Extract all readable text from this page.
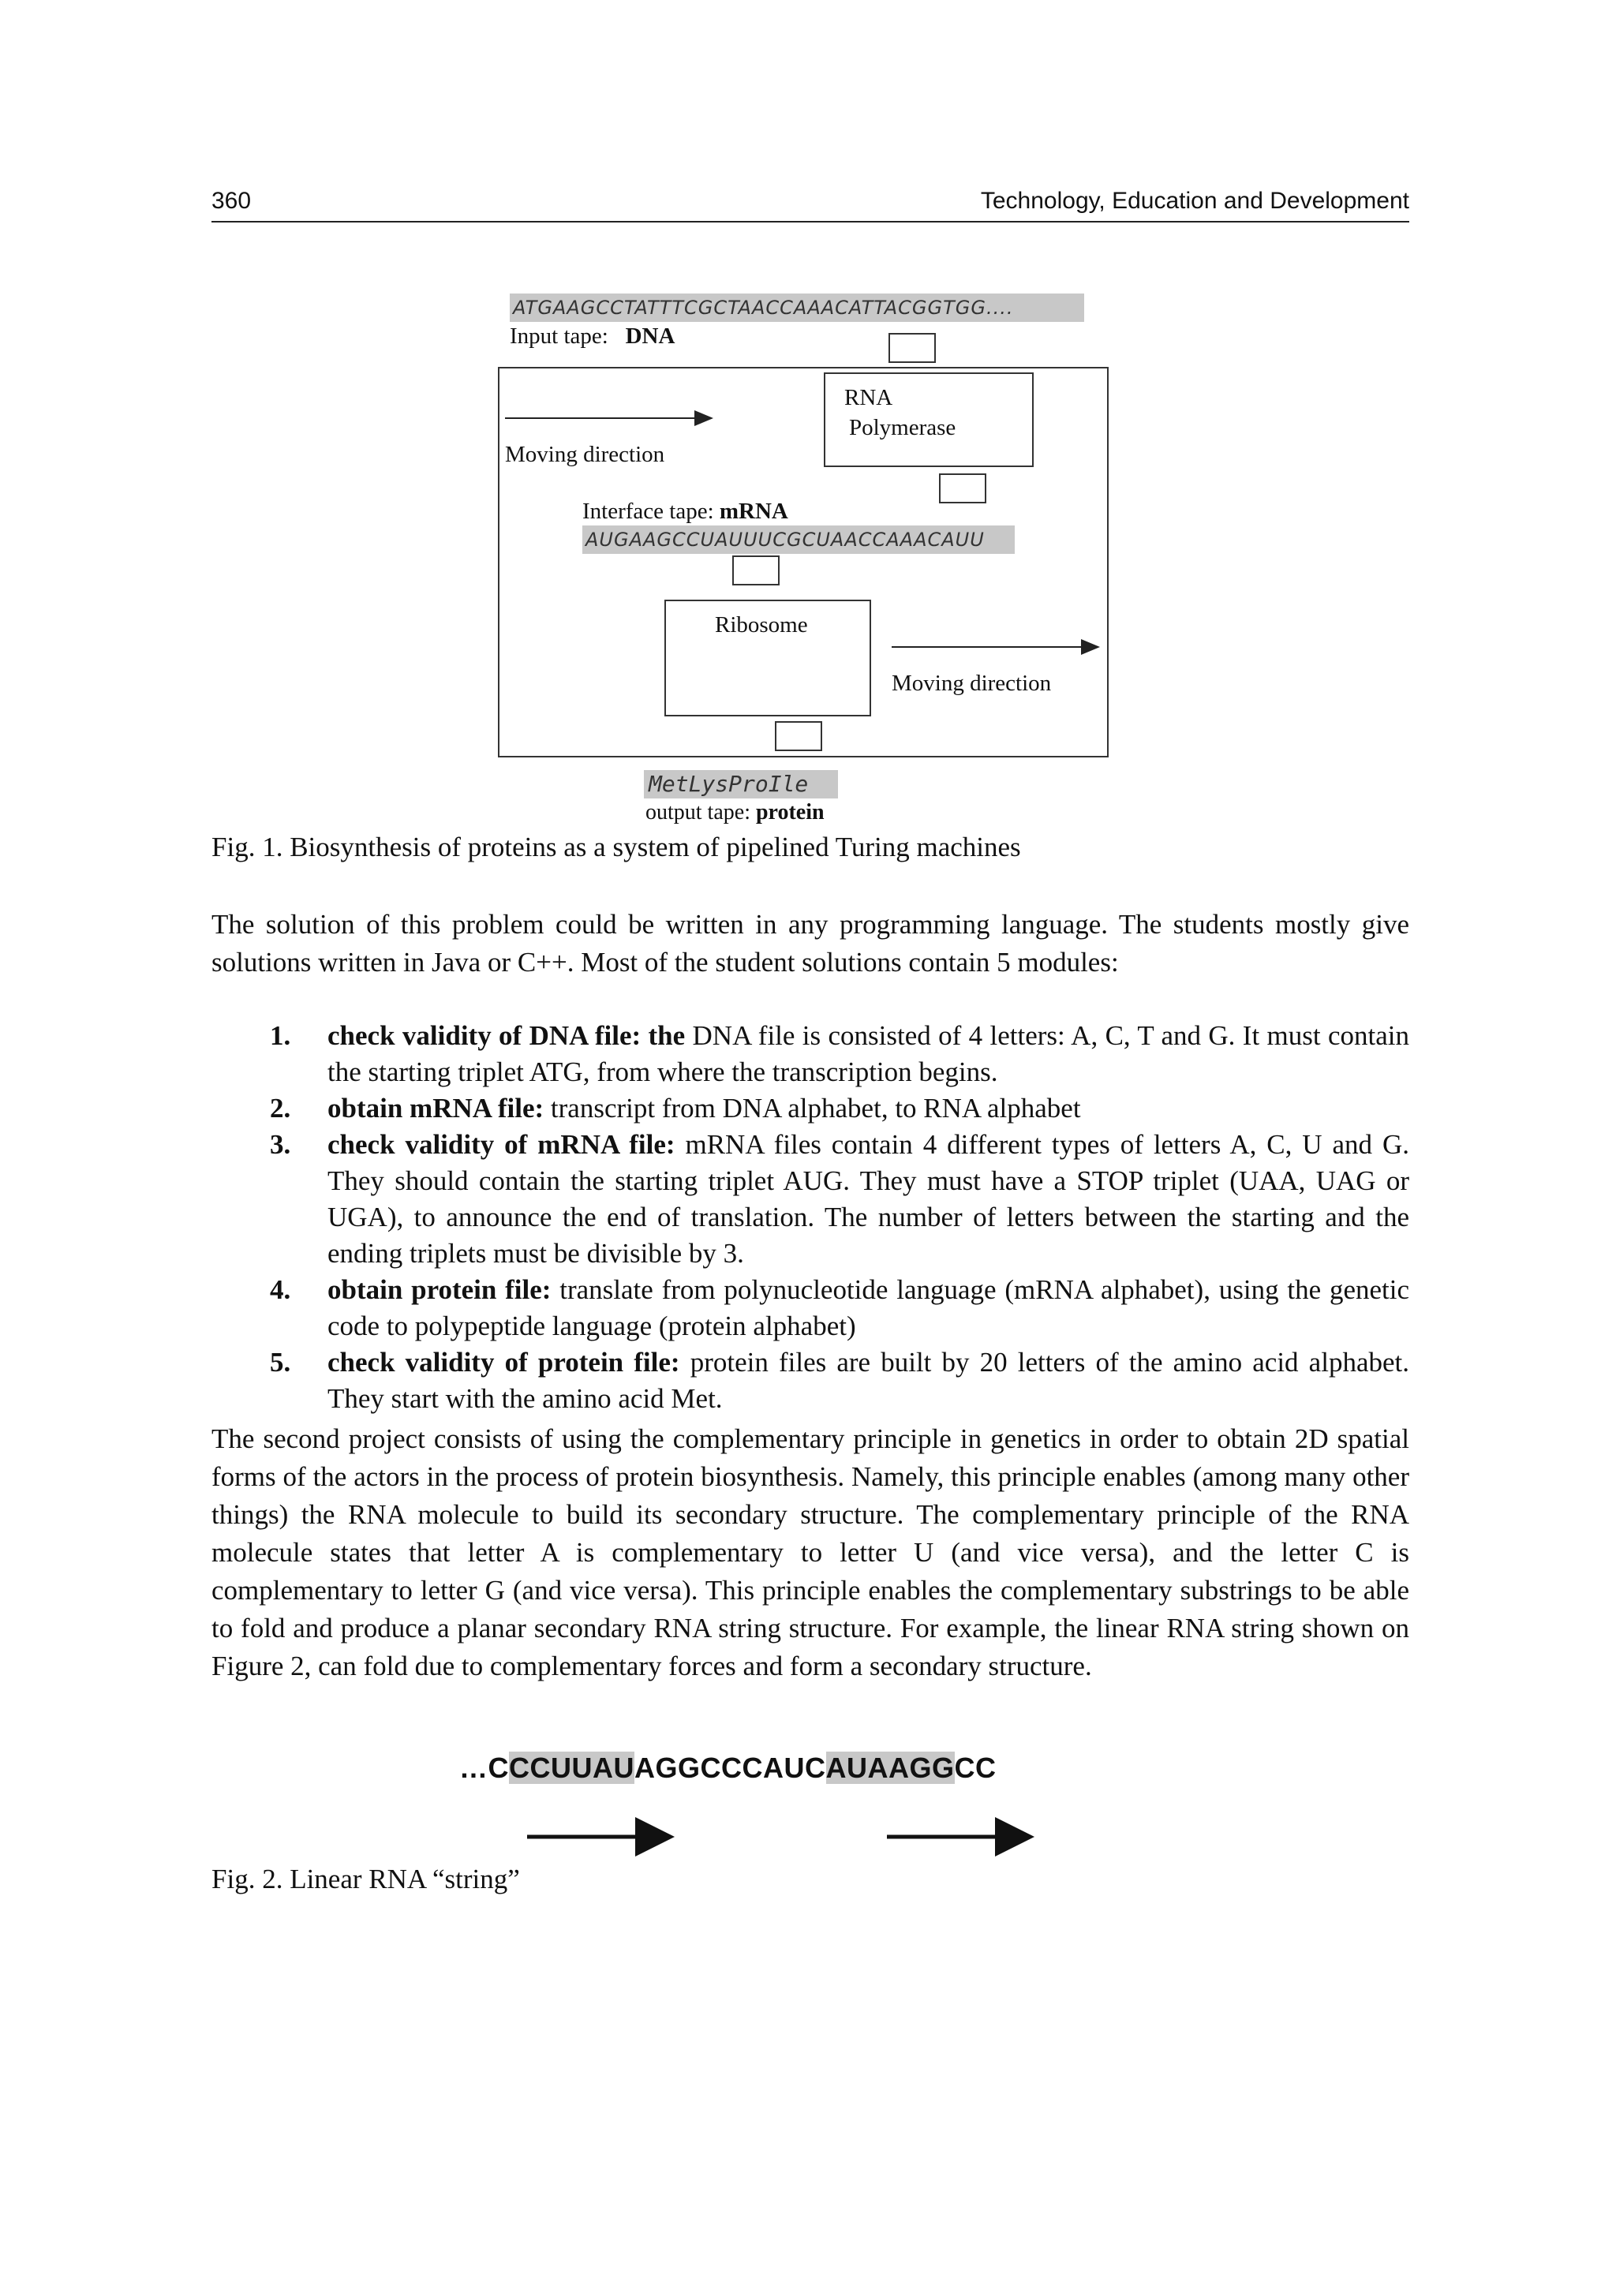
360	Technology, Education and Development
ATGAAGCCTATTTCGCTAACCAAACATTACGGTGG....
Input tape: DNA
RNA
Polymerase
Moving direction
Interface tape: mRNA
AUGAAGCCUAUUUCGCUAACCAAACAUU
Ribosome
Moving direction
MetLysProIle
output tape: protein
Fig. 1. Biosynthesis of proteins as a system of pipelined Turing machines
The solution of this problem could be written in any programming language. The students mostly give solutions written in Java or C++. Most of the student solutions contain 5 modules:
1. check validity of DNA file: the DNA file is consisted of 4 letters: A, C, T and G. It must contain the starting triplet ATG, from where the transcription begins.
2. obtain mRNA file: transcript from DNA alphabet, to RNA alphabet
3. check validity of mRNA file: mRNA files contain 4 different types of letters A, C, U and G. They should contain the starting triplet AUG. They must have a STOP triplet (UAA, UAG or UGA), to announce the end of translation. The number of letters between the starting and the ending triplets must be divisible by 3.
4. obtain protein file: translate from polynucleotide language (mRNA alphabet), using the genetic code to polypeptide language (protein alphabet)
5. check validity of protein file: protein files are built by 20 letters of the amino acid alphabet. They start with the amino acid Met.
The second project consists of using the complementary principle in genetics in order to obtain 2D spatial forms of the actors in the process of protein biosynthesis. Namely, this principle enables (among many other things) the RNA molecule to build its secondary structure. The complementary principle of the RNA molecule states that letter A is complementary to letter U (and vice versa), and the letter C is complementary to letter G (and vice versa). This principle enables the complementary substrings to be able to fold and produce a planar secondary RNA string structure. For example, the linear RNA string shown on Figure 2, can fold due to complementary forces and form a secondary structure.
…CCCUUAUAGGCCCAUCAUAAGGCC
Fig. 2. Linear RNA “string”
